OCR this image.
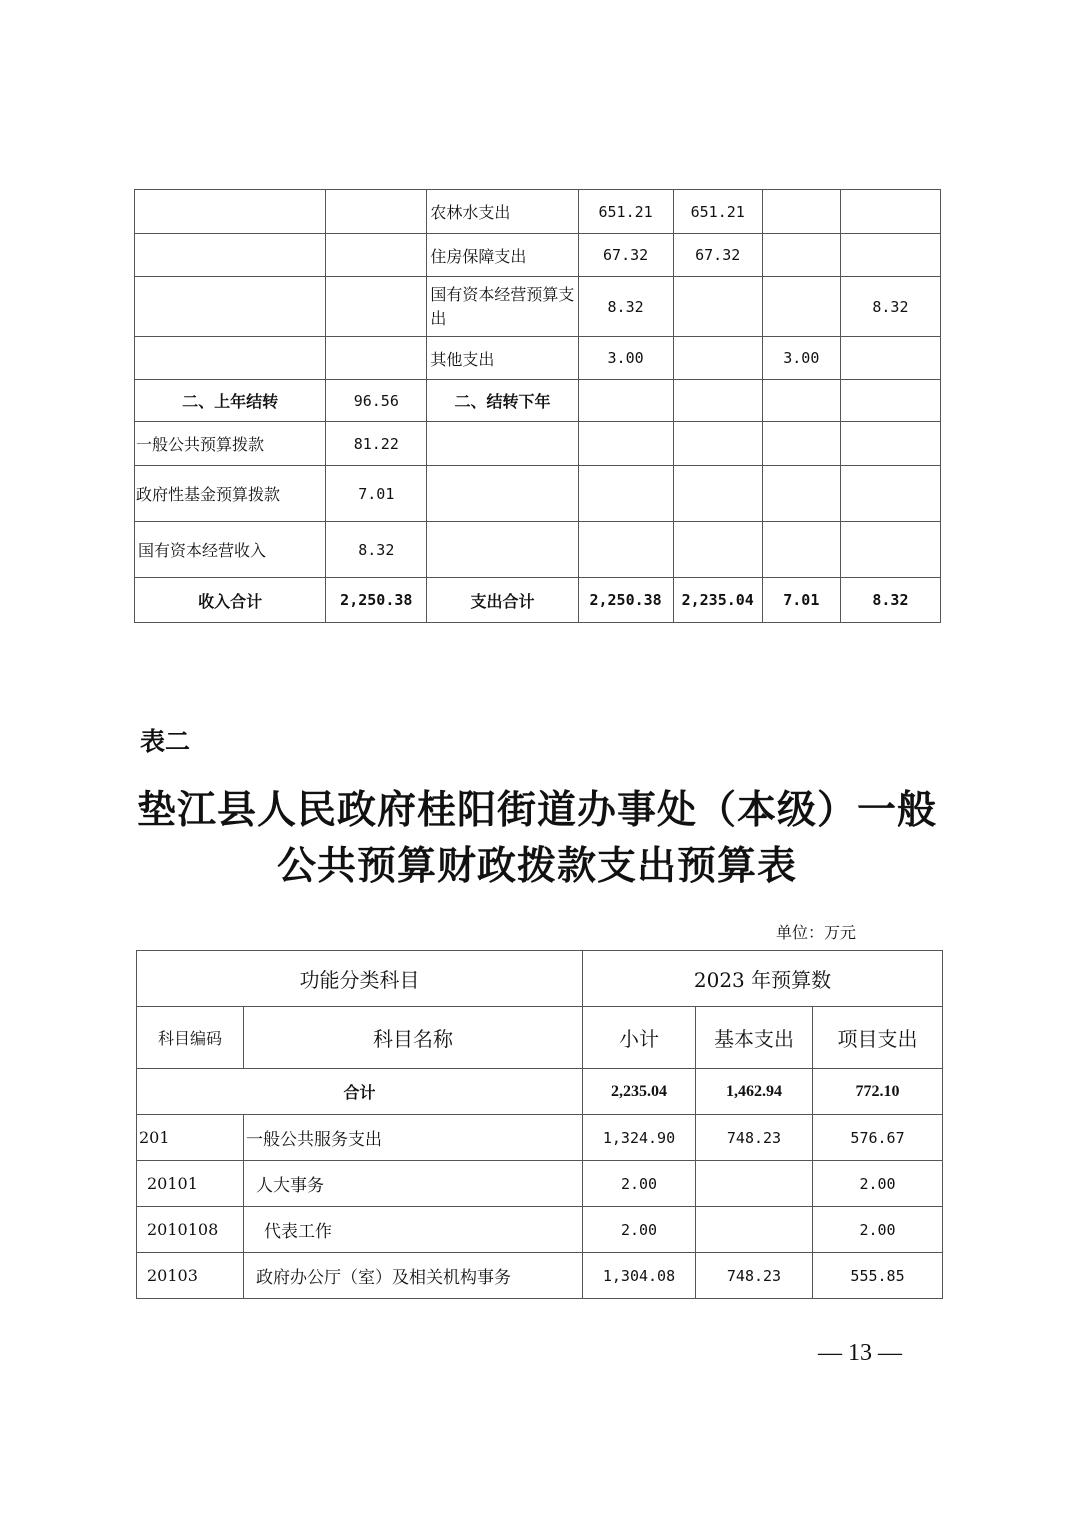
		农林水支出	651.21	651.21		
		住房保障支出	67.32	67.32		
		国有资本经营预算支出	8.32			8.32
		其他支出	3.00		3.00	
二、上年结转	96.56	二、结转下年				
一般公共预算拨款	81.22					
政府性基金预算拨款	7.01					
国有资本经营收入	8.32					
收入合计	2,250.38	支出合计	2,250.38	2,235.04	7.01	8.32
表二
垫江县人民政府桂阳街道办事处（本级）一般
公共预算财政拨款支出预算表
单位：万元
功能分类科目		2023 年预算数		
科目编码	科目名称	小计	基本支出	项目支出
合计		2,235.04	1,462.94	772.10
201	一般公共服务支出	1,324.90	748.23	576.67
20101	人大事务	2.00		2.00
2010108	代表工作	2.00		2.00
20103	政府办公厅（室）及相关机构事务	1,304.08	748.23	555.85
— 13 —
